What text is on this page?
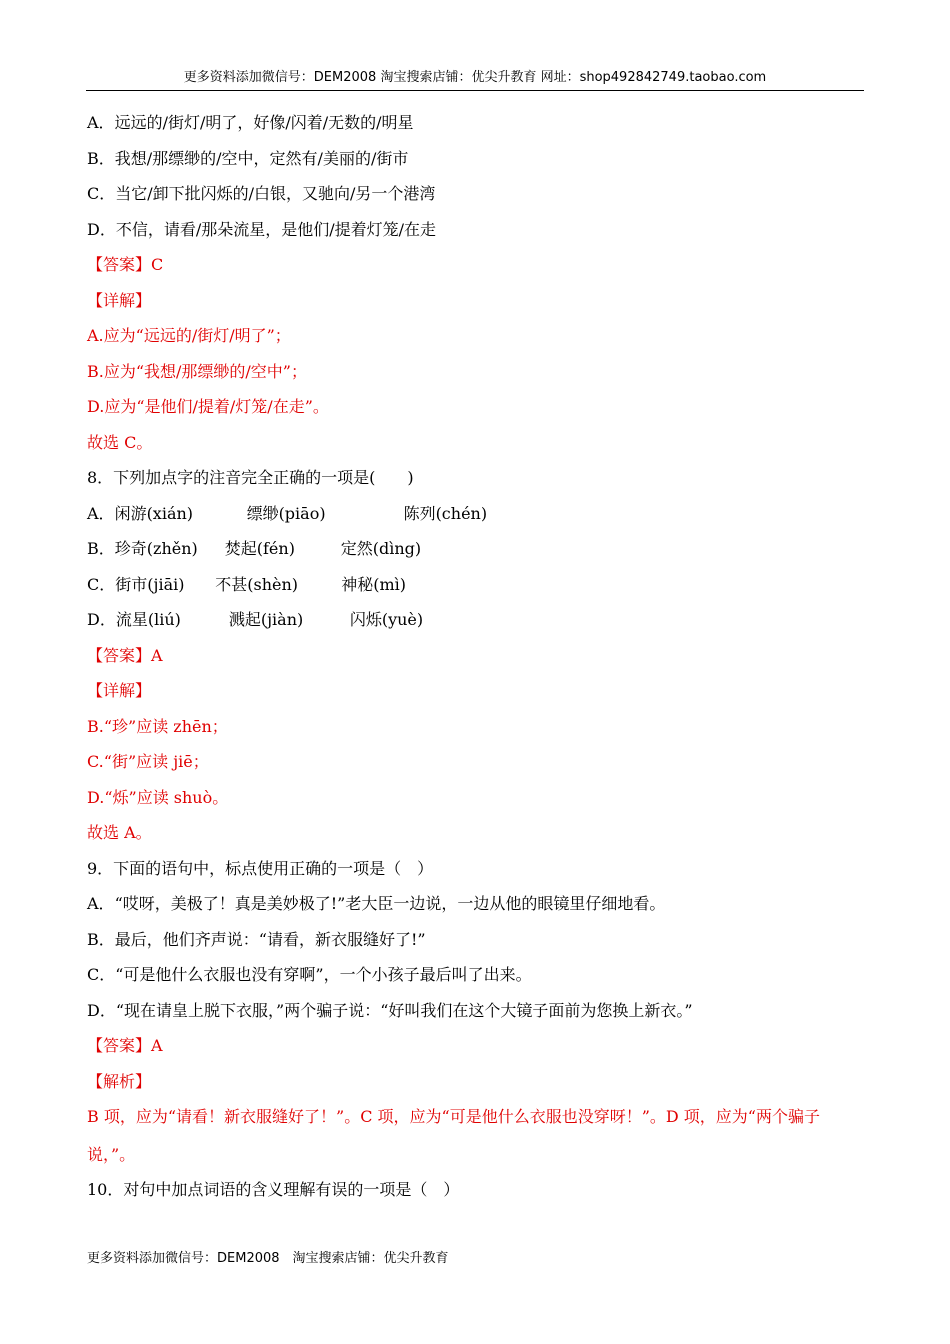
更多资料添加微信号：DEM2008 淘宝搜索店铺：优尖升教育 网址：shop492842749.taobao.com
A．远远的/街灯/明了，好像/闪着/无数的/明星
B．我想/那缥缈的/空中，定然有/美丽的/街市
C．当它/卸下批闪烁的/白银，又驰向/另一个港湾
D．不信，请看/那朵流星，是他们/提着灯笼/在走
【答案】C
【详解】
A.应为“远远的/街灯/明了”；
B.应为“我想/那缥缈的/空中”；
D.应为“是他们/提着/灯笼/在走”。
故选 C。
8．下列加点字的注音完全正确的一项是(　　)
A．闲游(xián)	缥缈(piāo)	陈列(chén)
B．珍奇(zhěn) 焚起(fén)	定然(dìng)
C．街市(jiāi) 不甚(shèn)	神秘(mì)
D．流星(liú)	溅起(jiàn)	闪烁(yuè)
【答案】A
【详解】
B.“珍”应读 zhēn；
C.“街”应读 jiē；
D.“烁”应读 shuò。
故选 A。
9．下面的语句中，标点使用正确的一项是（　）
A．“哎呀，美极了！真是美妙极了!”老大臣一边说，一边从他的眼镜里仔细地看。
B．最后，他们齐声说：“请看，新衣服缝好了!”
C．“可是他什么衣服也没有穿啊”，一个小孩子最后叫了出来。
D．“现在请皇上脱下衣服，”两个骗子说：“好叫我们在这个大镜子面前为您换上新衣。”
【答案】A
【解析】
B 项，应为“请看！新衣服缝好了！”。C 项，应为“可是他什么衣服也没穿呀！”。D 项，应为“两个骗子说，”。
10．对句中加点词语的含义理解有误的一项是（　）
更多资料添加微信号：DEM2008　淘宝搜索店铺：优尖升教育
